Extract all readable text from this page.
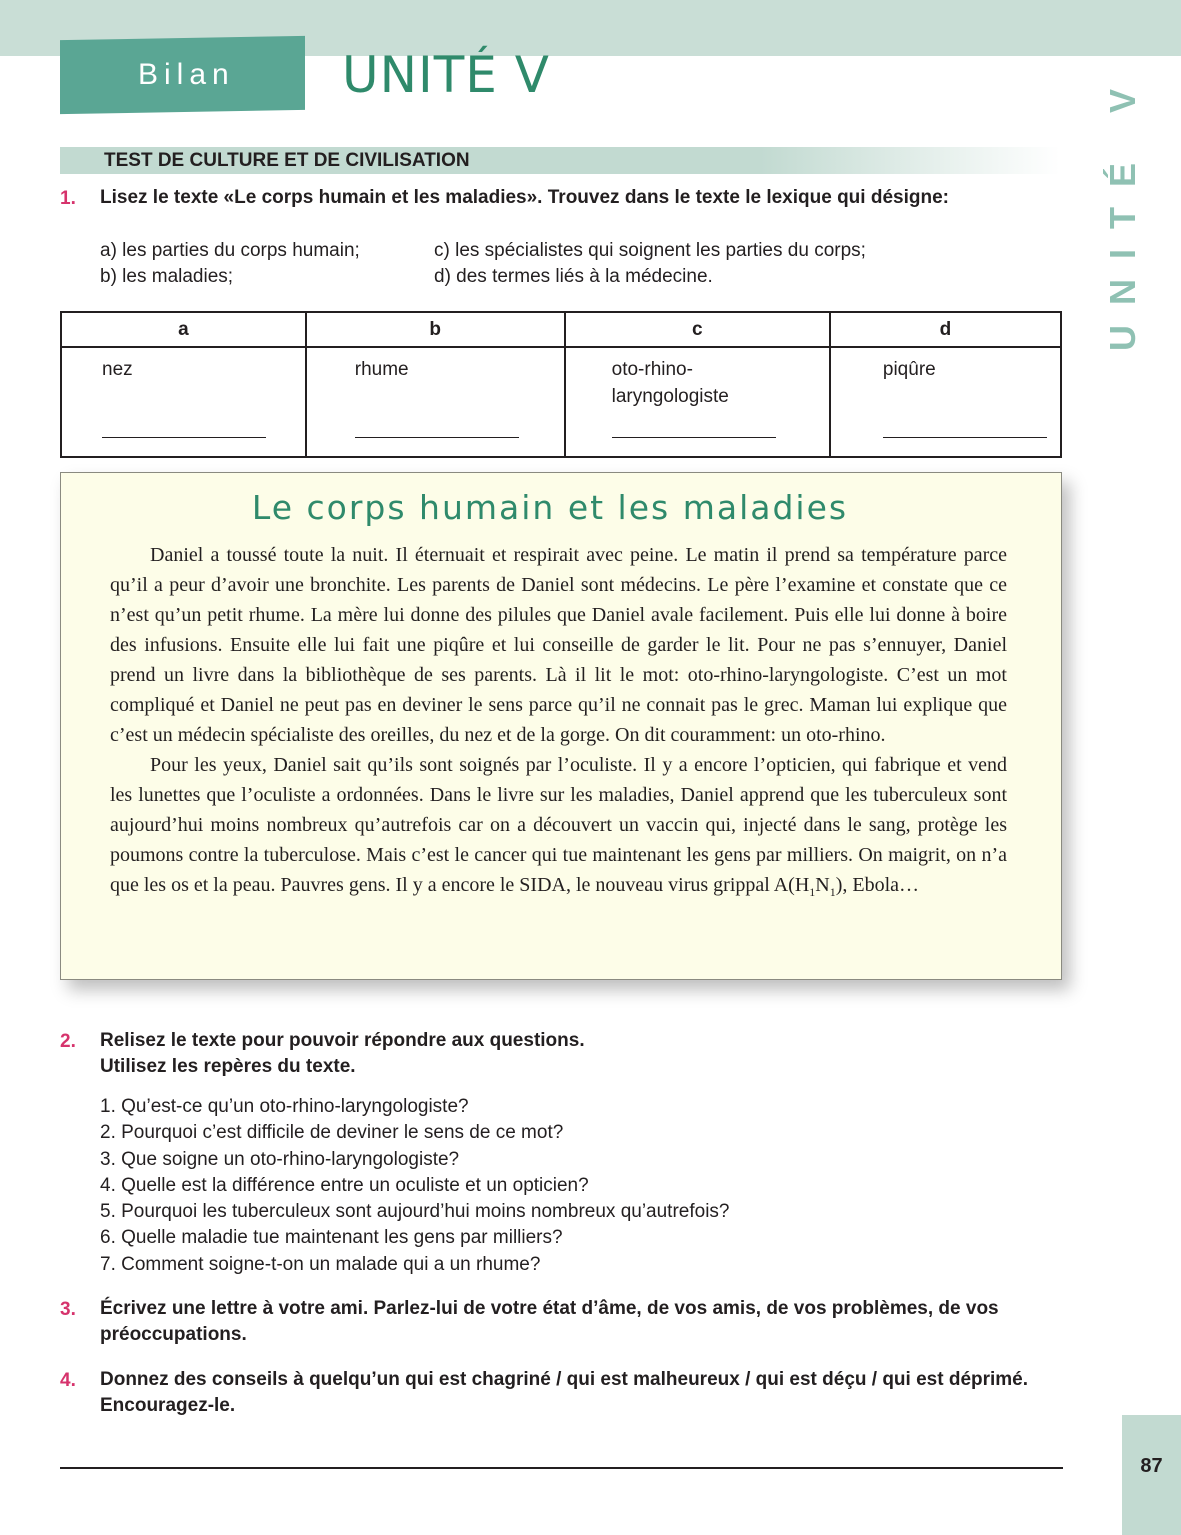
Bilan UNITÉ V	UNITÉ V
TEST DE CULTURE ET DE CIVILISATION
1. Lisez le texte «Le corps humain et les maladies». Trouvez dans le texte le lexique qui désigne:
a) les parties du corps humain;
b) les maladies;
c) les spécialistes qui soignent les parties du corps;
d) des termes liés à la médecine.
a	b	c	d

nez	rhume	oto-rhino-
laryngologiste	piqûre
Le corps humain et les maladies

Daniel a toussé toute la nuit. Il éternuait et respirait avec peine. Le matin il prend sa température parce qu’il a peur d’avoir une bronchite. Les parents de Daniel sont médecins. Le père l’examine et constate que ce n’est qu’un petit rhume. La mère lui donne des pilules que Daniel avale facilement. Puis elle lui donne à boire des infusions. Ensuite elle lui fait une piqûre et lui conseille de garder le lit. Pour ne pas s’ennuyer, Daniel prend un livre dans la bibliothèque de ses parents. Là il lit le mot: oto-rhino-laryngologiste. C’est un mot compliqué et Daniel ne peut pas en deviner le sens parce qu’il ne connait pas le grec. Maman lui explique que c’est un médecin spécialiste des oreilles, du nez et de la gorge. On dit couramment: un oto-rhino.

Pour les yeux, Daniel sait qu’ils sont soignés par l’oculiste. Il y a encore l’opticien, qui fabrique et vend les lunettes que l’oculiste a ordonnées. Dans le livre sur les maladies, Daniel apprend que les tuberculeux sont aujourd’hui moins nombreux qu’autrefois car on a découvert un vaccin qui, injecté dans le sang, protège les poumons contre la tuberculose. Mais c’est le cancer qui tue maintenant les gens par milliers. On maigrit, on n’a que les os et la peau. Pauvres gens. Il y a encore le SIDA, le nouveau virus grippal $A(H_1N_1)$, Ebola…

2. Relisez le texte pour pouvoir répondre aux questions.
Utilisez les repères du texte.
1. Qu’est-ce qu’un oto-rhino-laryngologiste?
2. Pourquoi c’est difficile de deviner le sens de ce mot?
3. Que soigne un oto-rhino-laryngologiste?
4. Quelle est la différence entre un oculiste et un opticien?
5. Pourquoi les tuberculeux sont aujourd’hui moins nombreux qu’autrefois?
6. Quelle maladie tue maintenant les gens par milliers?
7. Comment soigne-t-on un malade qui a un rhume?
3. Écrivez une lettre à votre ami. Parlez-lui de votre état d’âme, de vos amis, de vos problèmes, de vos
préoccupations.
4. Donnez des conseils à quelqu’un qui est chagriné / qui est malheureux / qui est déçu / qui est déprimé.
Encouragez-le.
87
